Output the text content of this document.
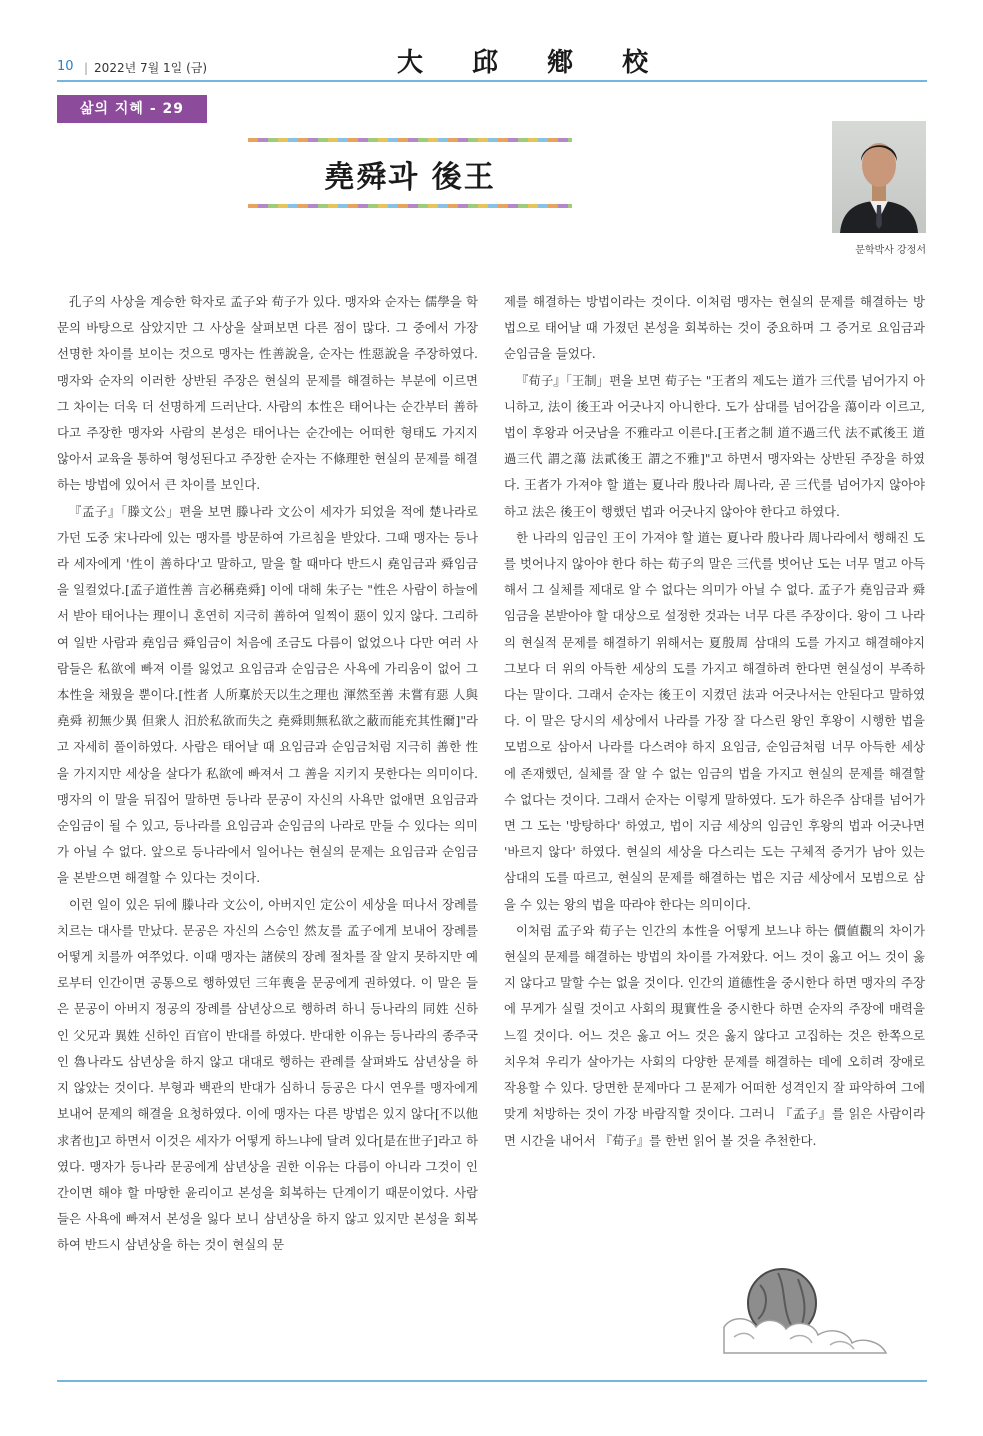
10 | 2022년 7월 1일 (금)	大 邱 鄕 校
삶의 지혜 - 29
堯舜과 後王
문학박사 강정서

孔子의 사상을 계승한 학자로 孟子와 荀子가 있다. 맹자와 순자는 儒學을 학문의 바탕으로 삼았지만 그 사상을 살펴보면 다른 점이 많다. 그 중에서 가장 선명한 차이를 보이는 것으로 맹자는 性善說을, 순자는 性惡說을 주장하였다. 맹자와 순자의 이러한 상반된 주장은 현실의 문제를 해결하는 부분에 이르면 그 차이는 더욱 더 선명하게 드러난다. 사람의 本性은 태어나는 순간부터 善하다고 주장한 맹자와 사람의 본성은 태어나는 순간에는 어떠한 형태도 가지지 않아서 교육을 통하여 형성된다고 주장한 순자는 不條理한 현실의 문제를 해결하는 방법에 있어서 큰 차이를 보인다.

『孟子』「滕文公」편을 보면 滕나라 文公이 세자가 되었을 적에 楚나라로 가던 도중 宋나라에 있는 맹자를 방문하여 가르침을 받았다. 그때 맹자는 등나라 세자에게 '性이 善하다'고 말하고, 말을 할 때마다 반드시 堯임금과 舜임금을 일컬었다.[孟子道性善 言必稱堯舜] 이에 대해 朱子는 "性은 사람이 하늘에서 받아 태어나는 理이니 혼연히 지극히 善하여 일찍이 惡이 있지 않다. 그리하여 일반 사람과 堯임금 舜임금이 처음에 조금도 다름이 없었으나 다만 여러 사람들은 私欲에 빠져 이를 잃었고 요임금과 순임금은 사욕에 가리움이 없어 그 本性을 채웠을 뿐이다.[性者 人所稟於天以生之理也 渾然至善 未嘗有惡 人與堯舜 初無少異 但衆人 汨於私欲而失之 堯舜則無私欲之蔽而能充其性爾]"라고 자세히 풀이하였다. 사람은 태어날 때 요임금과 순임금처럼 지극히 善한 性을 가지지만 세상을 살다가 私欲에 빠져서 그 善을 지키지 못한다는 의미이다. 맹자의 이 말을 뒤집어 말하면 등나라 문공이 자신의 사욕만 없애면 요임금과 순임금이 될 수 있고, 등나라를 요임금과 순임금의 나라로 만들 수 있다는 의미가 아닐 수 없다. 앞으로 등나라에서 일어나는 현실의 문제는 요임금과 순임금을 본받으면 해결할 수 있다는 것이다.

이런 일이 있은 뒤에 滕나라 文公이, 아버지인 定公이 세상을 떠나서 장례를 치르는 대사를 만났다. 문공은 자신의 스승인 然友를 孟子에게 보내어 장례를 어떻게 치를까 여쭈었다. 이때 맹자는 諸侯의 장례 절차를 잘 알지 못하지만 예로부터 인간이면 공통으로 행하였던 三年喪을 문공에게 권하였다. 이 말은 들은 문공이 아버지 정공의 장례를 삼년상으로 행하려 하니 등나라의 同姓 신하인 父兄과 異姓 신하인 百官이 반대를 하였다. 반대한 이유는 등나라의 종주국인 魯나라도 삼년상을 하지 않고 대대로 행하는 관례를 살펴봐도 삼년상을 하지 않았는 것이다. 부형과 백관의 반대가 심하니 등공은 다시 연우를 맹자에게 보내어 문제의 해결을 요청하였다. 이에 맹자는 다른 방법은 있지 않다[不以他求者也]고 하면서 이것은 세자가 어떻게 하느냐에 달려 있다[是在世子]라고 하였다. 맹자가 등나라 문공에게 삼년상을 권한 이유는 다름이 아니라 그것이 인간이면 해야 할 마땅한 윤리이고 본성을 회복하는 단계이기 때문이었다. 사람들은 사욕에 빠져서 본성을 잃다 보니 삼년상을 하지 않고 있지만 본성을 회복하여 반드시 삼년상을 하는 것이 현실의 문

제를 해결하는 방법이라는 것이다. 이처럼 맹자는 현실의 문제를 해결하는 방법으로 태어날 때 가졌던 본성을 회복하는 것이 중요하며 그 증거로 요임금과 순임금을 들었다.

『荀子』「王制」편을 보면 荀子는 "王者의 제도는 道가 三代를 넘어가지 아니하고, 法이 後王과 어긋나지 아니한다. 도가 삼대를 넘어감을 蕩이라 이르고, 법이 후왕과 어긋남을 不雅라고 이른다.[王者之制 道不過三代 法不貳後王 道過三代 謂之蕩 法貳後王 謂之不雅]"고 하면서 맹자와는 상반된 주장을 하였다. 王者가 가져야 할 道는 夏나라 殷나라 周나라, 곧 三代를 넘어가지 않아야 하고 法은 後王이 행했던 법과 어긋나지 않아야 한다고 하였다.

한 나라의 임금인 王이 가져야 할 道는 夏나라 殷나라 周나라에서 행해진 도를 벗어나지 않아야 한다 하는 荀子의 말은 三代를 벗어난 도는 너무 멀고 아득해서 그 실체를 제대로 알 수 없다는 의미가 아닐 수 없다. 孟子가 堯임금과 舜임금을 본받아야 할 대상으로 설정한 것과는 너무 다른 주장이다. 왕이 그 나라의 현실적 문제를 해결하기 위해서는 夏殷周 삼대의 도를 가지고 해결해야지 그보다 더 위의 아득한 세상의 도를 가지고 해결하려 한다면 현실성이 부족하다는 말이다. 그래서 순자는 後王이 지켰던 法과 어긋나서는 안된다고 말하였다. 이 말은 당시의 세상에서 나라를 가장 잘 다스린 왕인 후왕이 시행한 법을 모범으로 삼아서 나라를 다스려야 하지 요임금, 순임금처럼 너무 아득한 세상에 존재했던, 실체를 잘 알 수 없는 임금의 법을 가지고 현실의 문제를 해결할 수 없다는 것이다. 그래서 순자는 이렇게 말하였다. 도가 하은주 삼대를 넘어가면 그 도는 '방탕하다' 하였고, 법이 지금 세상의 임금인 후왕의 법과 어긋나면 '바르지 않다' 하였다. 현실의 세상을 다스리는 도는 구체적 증거가 남아 있는 삼대의 도를 따르고, 현실의 문제를 해결하는 법은 지금 세상에서 모범으로 삼을 수 있는 왕의 법을 따라야 한다는 의미이다.

이처럼 孟子와 荀子는 인간의 本性을 어떻게 보느냐 하는 價値觀의 차이가 현실의 문제를 해결하는 방법의 차이를 가져왔다. 어느 것이 옳고 어느 것이 옳지 않다고 말할 수는 없을 것이다. 인간의 道德性을 중시한다 하면 맹자의 주장에 무게가 실릴 것이고 사회의 現實性을 중시한다 하면 순자의 주장에 매력을 느낄 것이다. 어느 것은 옳고 어느 것은 옳지 않다고 고집하는 것은 한쪽으로 치우쳐 우리가 살아가는 사회의 다양한 문제를 해결하는 데에 오히려 장애로 작용할 수 있다. 당면한 문제마다 그 문제가 어떠한 성격인지 잘 파악하여 그에 맞게 처방하는 것이 가장 바람직할 것이다. 그러니 『孟子』를 읽은 사람이라면 시간을 내어서 『荀子』를 한번 읽어 볼 것을 추천한다.
